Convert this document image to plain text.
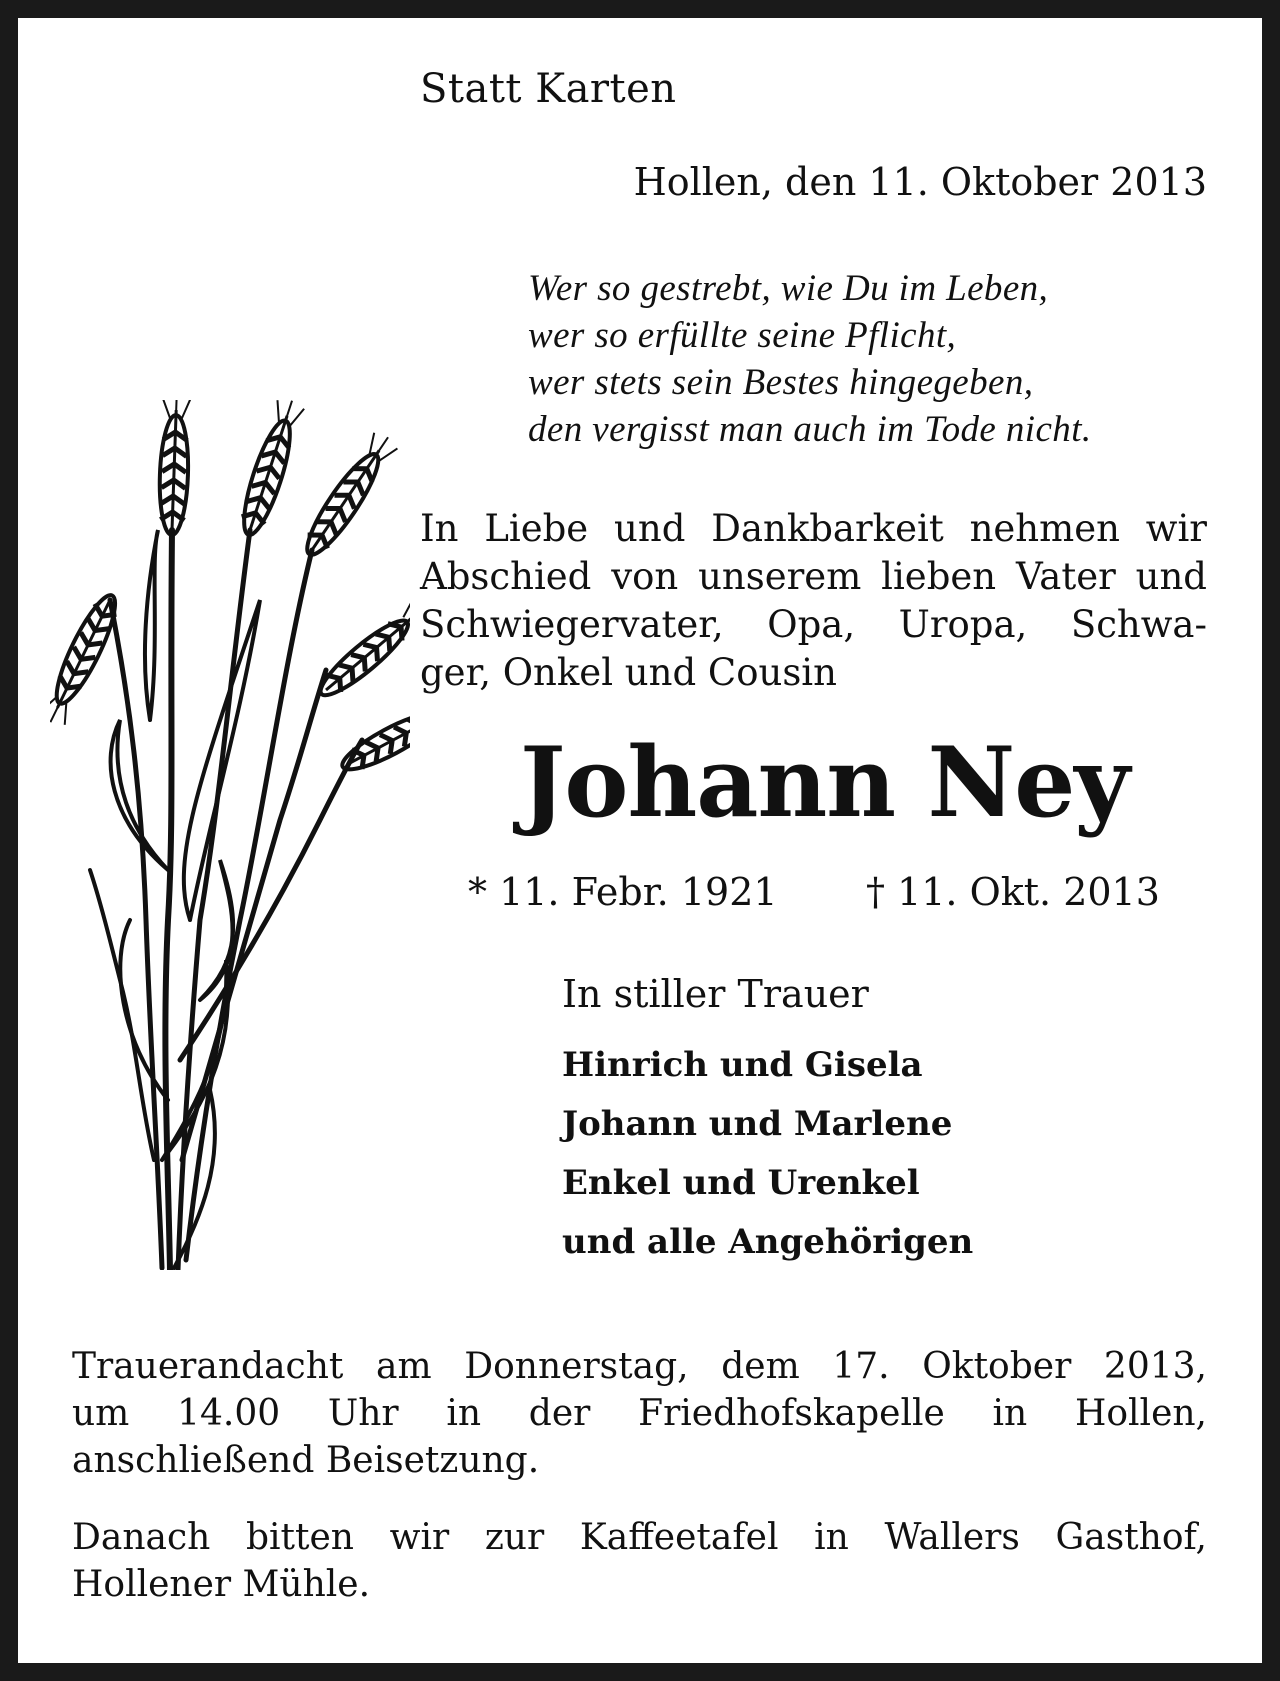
Statt Karten
Hollen, den 11. Oktober 2013
Wer so gestrebt, wie Du im Leben,
wer so erfüllte seine Pflicht,
wer stets sein Bestes hingegeben,
den vergisst man auch im Tode nicht.
In Liebe und Dankbarkeit nehmen wir
Abschied von unserem lieben Vater und
Schwiegervater, Opa, Uropa, Schwa-
ger, Onkel und Cousin
Johann Ney
* 11. Febr. 1921 † 11. Okt. 2013
In stiller Trauer
Hinrich und Gisela
Johann und Marlene
Enkel und Urenkel
und alle Angehörigen
Trauerandacht am Donnerstag, dem 17. Oktober 2013,
um 14.00 Uhr in der Friedhofskapelle in Hollen,
anschließend Beisetzung.
Danach bitten wir zur Kaffeetafel in Wallers Gasthof,
Hollener Mühle.
